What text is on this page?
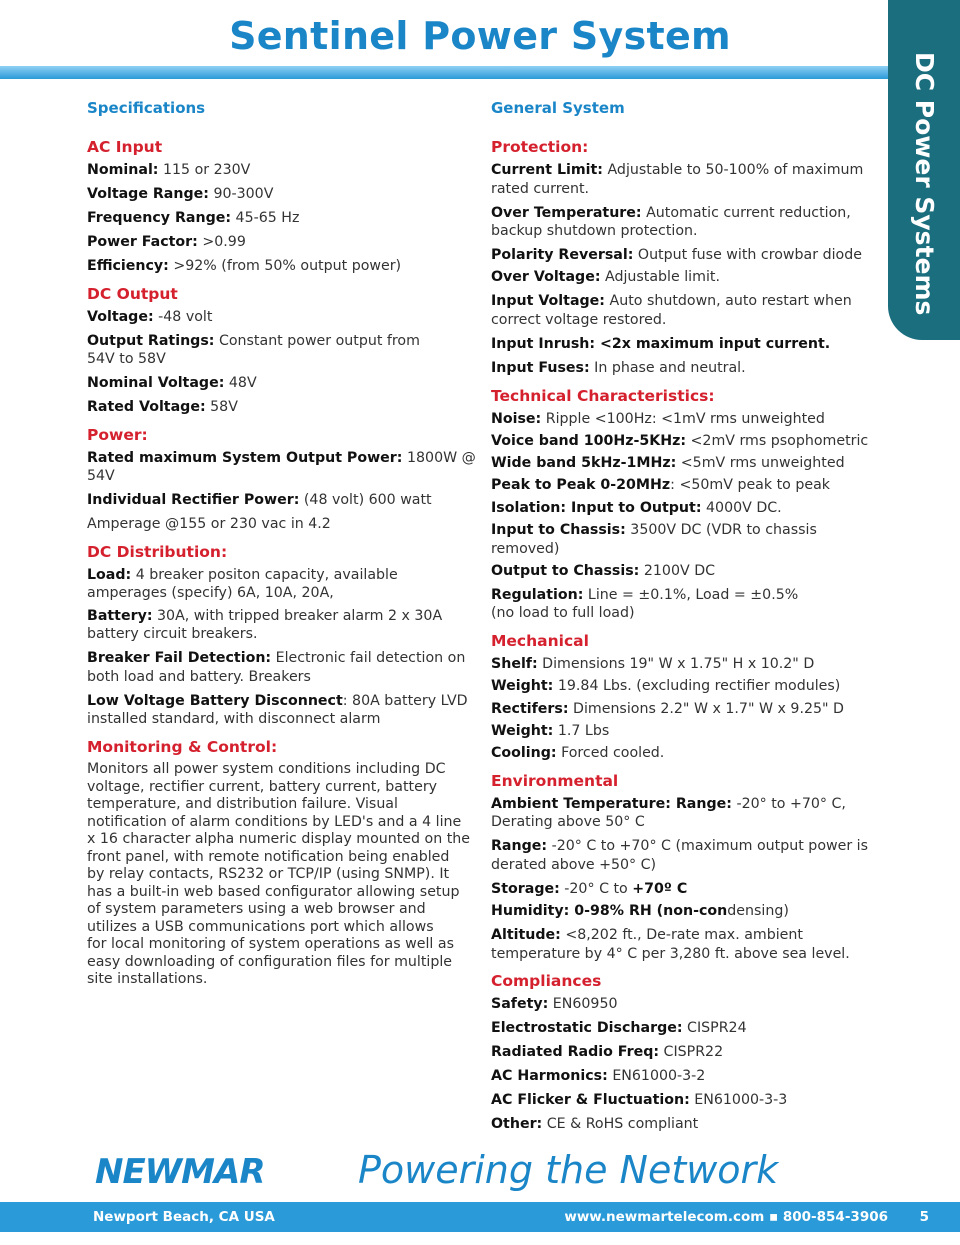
Sentinel Power System
DC Power Systems
Specifications
AC Input
Nominal: 115 or 230V
Voltage Range: 90-300V
Frequency Range: 45-65 Hz
Power Factor: >0.99
Efficiency: >92% (from 50% output power)
DC Output
Voltage: -48 volt
Output Ratings: Constant power output from
54V to 58V
Nominal Voltage: 48V
Rated Voltage: 58V
Power:
Rated maximum System Output Power: 1800W @ 54V
Individual Rectifier Power: (48 volt) 600 watt
Amperage @155 or 230 vac in 4.2
DC Distribution:
Load: 4 breaker positon capacity, available
amperages (specify) 6A, 10A, 20A,
Battery: 30A, with tripped breaker alarm 2 x 30A
battery circuit breakers.
Breaker Fail Detection: Electronic fail detection on
both load and battery. Breakers
Low Voltage Battery Disconnect: 80A battery LVD
installed standard, with disconnect alarm
Monitoring & Control:
Monitors all power system conditions including DC
voltage, rectifier current, battery current, battery
temperature, and distribution failure. Visual
notification of alarm conditions by LED's and a 4 line
x 16 character alpha numeric display mounted on the
front panel, with remote notification being enabled
by relay contacts, RS232 or TCP/IP (using SNMP). It
has a built-in web based configurator allowing setup
of system parameters using a web browser and
utilizes a USB communications port which allows
for local monitoring of system operations as well as
easy downloading of configuration files for multiple
site installations.
General System
Protection:
Current Limit: Adjustable to 50-100% of maximum
rated current.
Over Temperature: Automatic current reduction,
backup shutdown protection.
Polarity Reversal: Output fuse with crowbar diode
Over Voltage: Adjustable limit.
Input Voltage: Auto shutdown, auto restart when
correct voltage restored.
Input Inrush: <2x maximum input current.
Input Fuses: In phase and neutral.
Technical Characteristics:
Noise: Ripple <100Hz: <1mV rms unweighted
Voice band 100Hz-5KHz: <2mV rms psophometric
Wide band 5kHz-1MHz: <5mV rms unweighted
Peak to Peak 0-20MHz: <50mV peak to peak
Isolation: Input to Output: 4000V DC.
Input to Chassis: 3500V DC (VDR to chassis removed)
Output to Chassis: 2100V DC
Regulation: Line = ±0.1%, Load = ±0.5%
(no load to full load)
Mechanical
Shelf: Dimensions 19" W x 1.75" H x 10.2" D
Weight: 19.84 Lbs. (excluding rectifier modules)
Rectifers: Dimensions 2.2" W x 1.7" W x 9.25" D
Weight: 1.7 Lbs
Cooling: Forced cooled.
Environmental
Ambient Temperature: Range: -20° to +70° C,
Derating above 50° C
Range: -20° C to +70° C (maximum output power is
derated above +50° C)
Storage: -20° C to +70º C
Humidity: 0-98% RH (non-condensing)
Altitude: <8,202 ft., De-rate max. ambient
temperature by 4° C per 3,280 ft. above sea level.
Compliances
Safety: EN60950
Electrostatic Discharge: CISPR24
Radiated Radio Freq: CISPR22
AC Harmonics: EN61000-3-2
AC Flicker & Fluctuation: EN61000-3-3
Other: CE & RoHS compliant
NEWMAR Powering the Network
Newport Beach, CA USA	www.newmartelecom.com ▪ 800-854-3906 5
